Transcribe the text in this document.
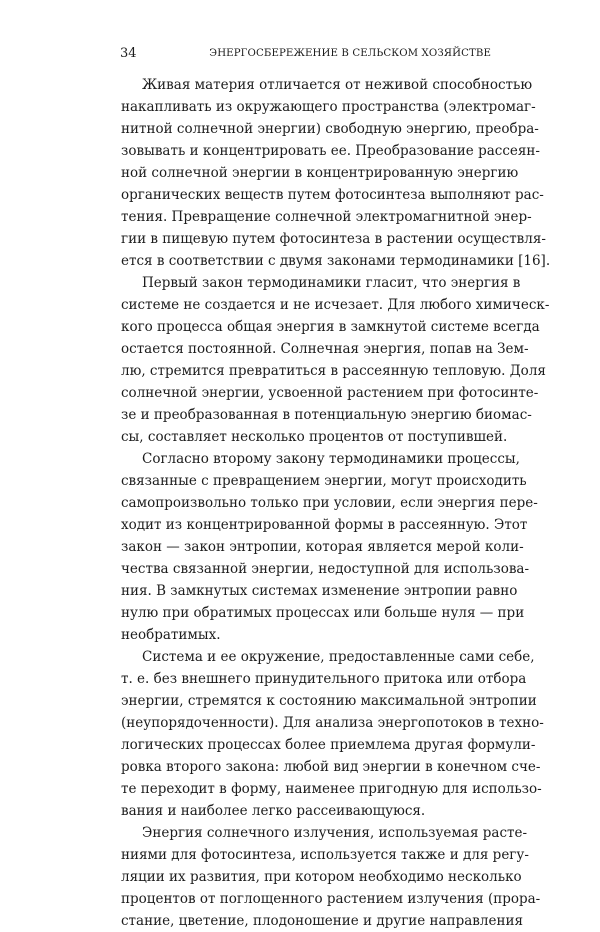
34	ЭНЕРГОСБЕРЕЖЕНИЕ В СЕЛЬСКОМ ХОЗЯЙСТВЕ
Живая материя отличается от неживой способностью
накапливать из окружающего пространства (электромаг-
нитной солнечной энергии) свободную энергию, преобра-
зовывать и концентрировать ее. Преобразование рассеян-
ной солнечной энергии в концентрированную энергию
органических веществ путем фотосинтеза выполняют рас-
тения. Превращение солнечной электромагнитной энер-
гии в пищевую путем фотосинтеза в растении осуществля-
ется в соответствии с двумя законами термодинамики [16].
Первый закон термодинамики гласит, что энергия в
системе не создается и не исчезает. Для любого химическ-
кого процесса общая энергия в замкнутой системе всегда
остается постоянной. Солнечная энергия, попав на Зем-
лю, стремится превратиться в рассеянную тепловую. Доля
солнечной энергии, усвоенной растением при фотосинте-
зе и преобразованная в потенциальную энергию биомас-
сы, составляет несколько процентов от поступившей.
Согласно второму закону термодинамики процессы,
связанные с превращением энергии, могут происходить
самопроизвольно только при условии, если энергия пере-
ходит из концентрированной формы в рассеянную. Этот
закон — закон энтропии, которая является мерой коли-
чества связанной энергии, недоступной для использова-
ния. В замкнутых системах изменение энтропии равно
нулю при обратимых процессах или больше нуля — при
необратимых.
Система и ее окружение, предоставленные сами себе,
т. е. без внешнего принудительного притока или отбора
энергии, стремятся к состоянию максимальной энтропии
(неупорядоченности). Для анализа энергопотоков в техно-
логических процессах более приемлема другая формули-
ровка второго закона: любой вид энергии в конечном сче-
те переходит в форму, наименее пригодную для использо-
вания и наиболее легко рассеивающуюся.
Энергия солнечного излучения, используемая расте-
ниями для фотосинтеза, используется также и для регу-
ляции их развития, при котором необходимо несколько
процентов от поглощенного растением излучения (прора-
стание, цветение, плодоношение и другие направления
